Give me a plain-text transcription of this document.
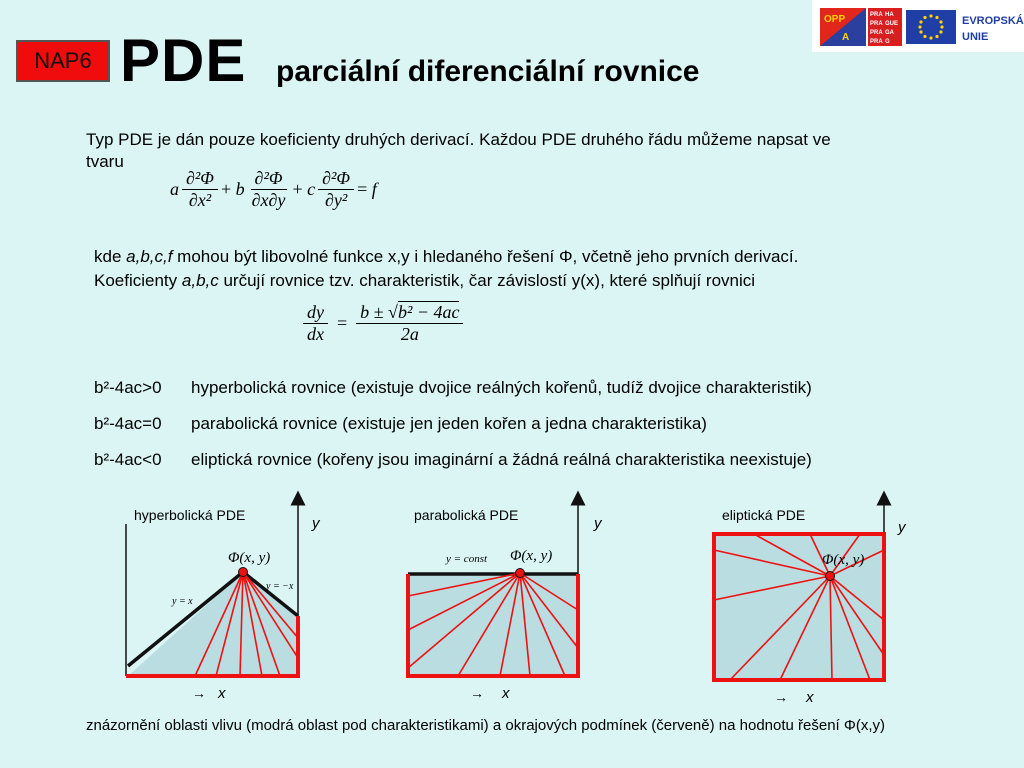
NAP6 PDE parciální diferenciální rovnice
OPP
A
PRA
PRA
PRA
PRA
HA
GUE
GA
G
EVROPSKÁ
UNIE
Typ PDE je dán pouze koeficienty druhých derivací. Každou PDE druhého řádu můžeme napsat ve
tvaru
a $\frac{\text{∂²Φ}}{\text{∂x²}}$ +
b $\frac{\text{∂²Φ}}{\partial x\partial y}$ +
c $\frac{\text{∂²Φ}}{\text{∂y²}}$ =
f
kde a,b,c,f mohou být libovolné funkce x,y i hledaného řešení Φ, včetně jeho prvních derivací.
Koeficienty a,b,c určují rovnice tzv. charakteristik, čar závislostí y(x), které splňují rovnici
$\frac{dy}{dx} = \frac{\text{b ± √b² − 4ac}}{2a}$
b²-4ac>0 hyperbolická rovnice (existuje dvojice reálných kořenů, tudíž dvojice charakteristik)
b²-4ac=0 parabolická rovnice (existuje jen jeden kořen a jedna charakteristika)
b²-4ac<0 eliptická rovnice (kořeny jsou imaginární a žádná reálná charakteristika neexistuje)
hyperbolická PDE	y
Φ(x, y)
y = x
y = −x
→ x
parabolická PDE	y
Φ(x, y)
y = const
→ x
eliptická PDE
y
Φ(x, y)
→ x
znázornění oblasti vlivu (modrá oblast pod charakteristikami) a okrajových podmínek (červeně) na hodnotu řešení Φ(x,y)
